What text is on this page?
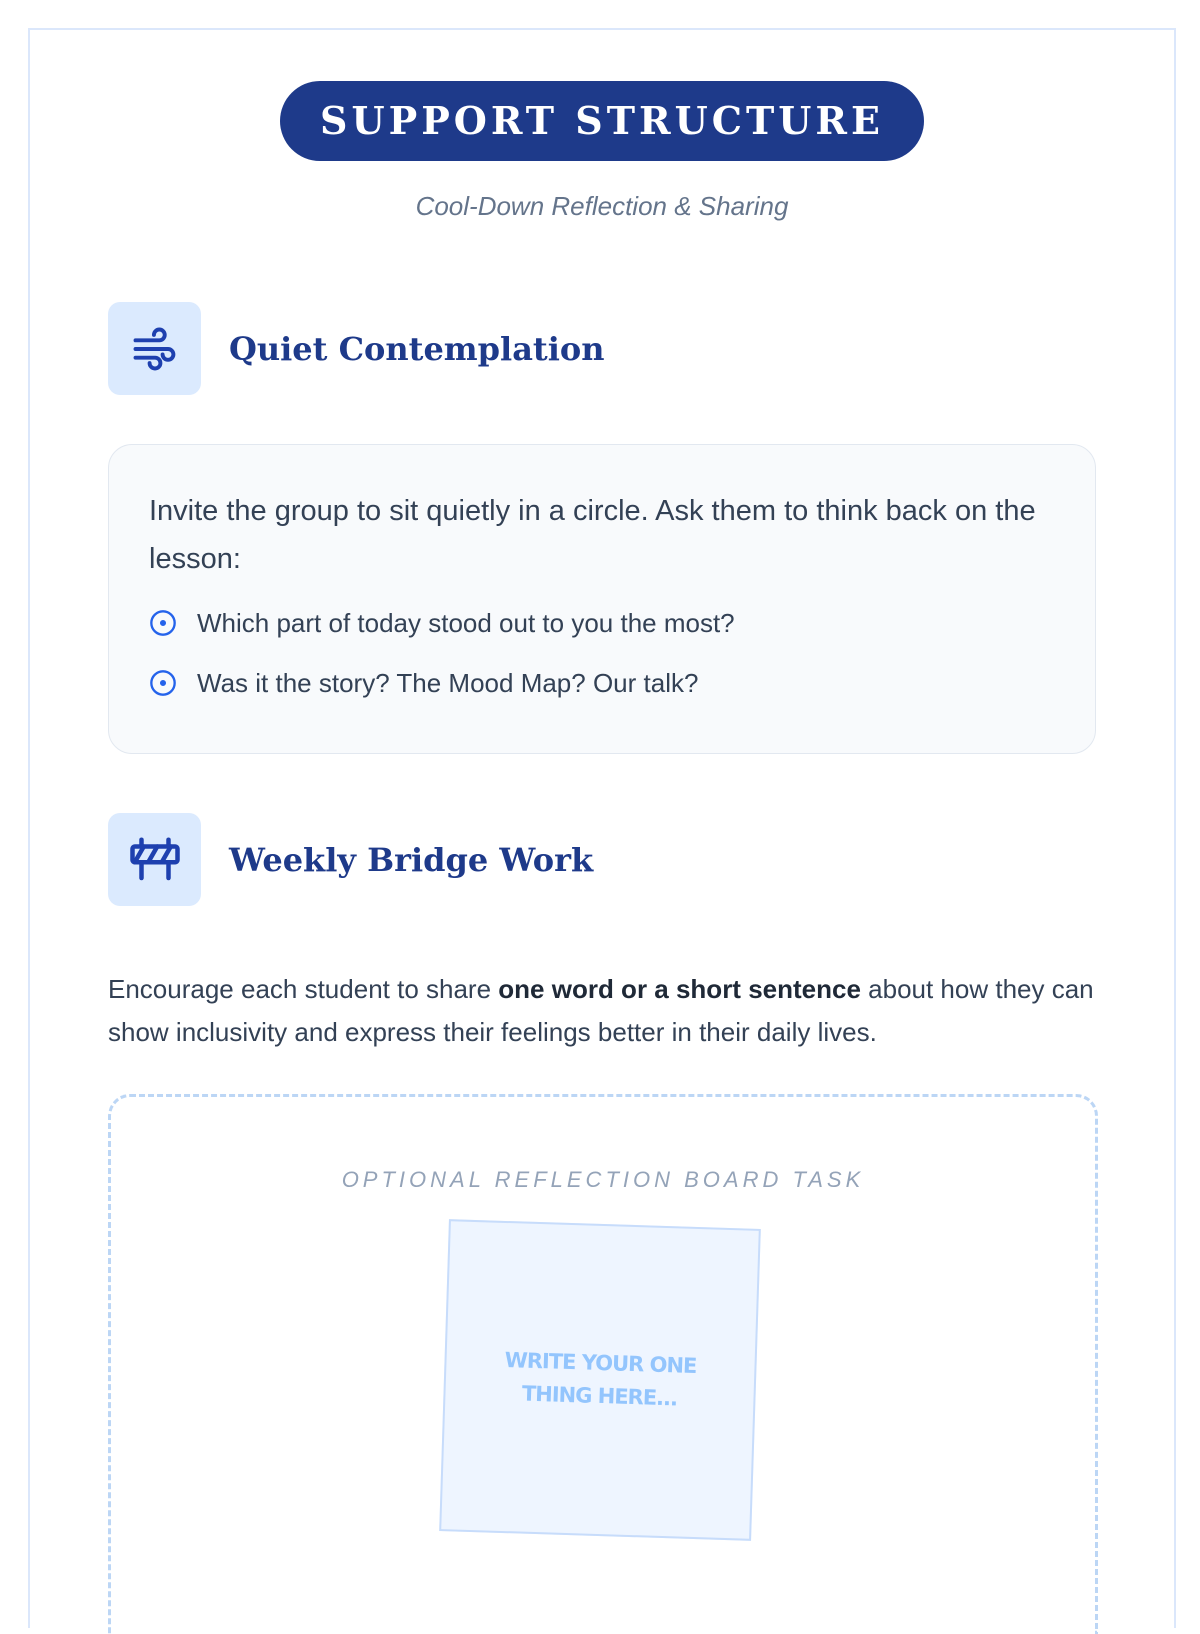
SUPPORT STRUCTURE
Cool-Down Reflection & Sharing
Quiet Contemplation

Invite the group to sit quietly in a circle. Ask them to think back on the lesson:

Which part of today stood out to you the most?
Was it the story? The Mood Map? Our talk?
Weekly Bridge Work

Encourage each student to share one word or a short sentence about how they can show inclusivity and express their feelings better in their daily lives.

OPTIONAL REFLECTION BOARD TASK
WRITE YOUR ONE THING HERE...
